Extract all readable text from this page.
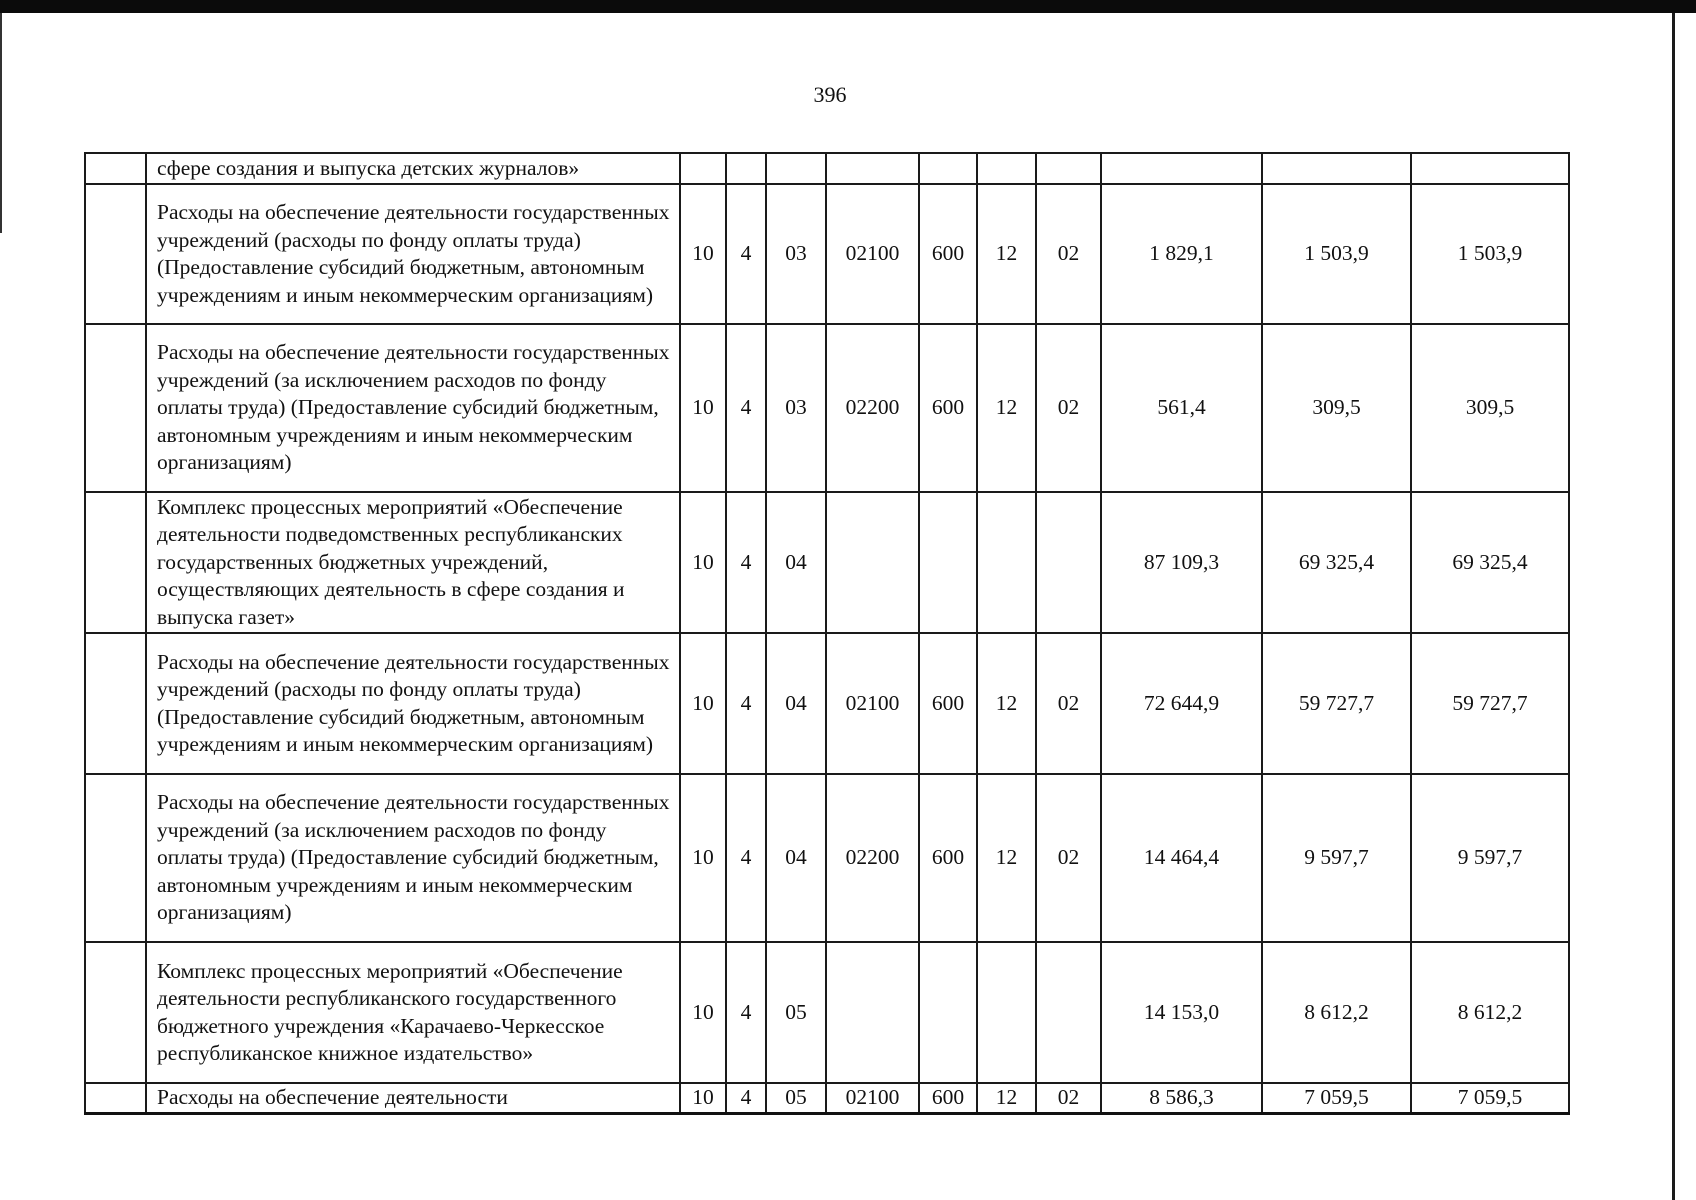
396
	сфере создания и выпуска детских журналов»										
	Расходы на обеспечение деятельности государственных учреждений (расходы по фонду оплаты труда) (Предоставление субсидий бюджетным, автономным учреждениям и иным некоммерческим организациям)	10	4	03	02100	600	12	02	1 829,1	1 503,9	1 503,9
	Расходы на обеспечение деятельности государственных учреждений (за исключением расходов по фонду оплаты труда) (Предоставление субсидий бюджетным, автономным учреждениям и иным некоммерческим организациям)	10	4	03	02200	600	12	02	561,4	309,5	309,5
	Комплекс процессных мероприятий «Обеспечение деятельности подведомственных республиканских государственных бюджетных учреждений, осуществляющих деятельность в сфере создания и выпуска газет»	10	4	04					87 109,3	69 325,4	69 325,4
	Расходы на обеспечение деятельности государственных учреждений (расходы по фонду оплаты труда) (Предоставление субсидий бюджетным, автономным учреждениям и иным некоммерческим организациям)	10	4	04	02100	600	12	02	72 644,9	59 727,7	59 727,7
	Расходы на обеспечение деятельности государственных учреждений (за исключением расходов по фонду оплаты труда) (Предоставление субсидий бюджетным, автономным учреждениям и иным некоммерческим организациям)	10	4	04	02200	600	12	02	14 464,4	9 597,7	9 597,7
	Комплекс процессных мероприятий «Обеспечение деятельности республиканского государственного бюджетного учреждения «Карачаево-Черкесское республиканское книжное издательство»	10	4	05					14 153,0	8 612,2	8 612,2
	Расходы на обеспечение деятельности	10	4	05	02100	600	12	02	8 586,3	7 059,5	7 059,5
